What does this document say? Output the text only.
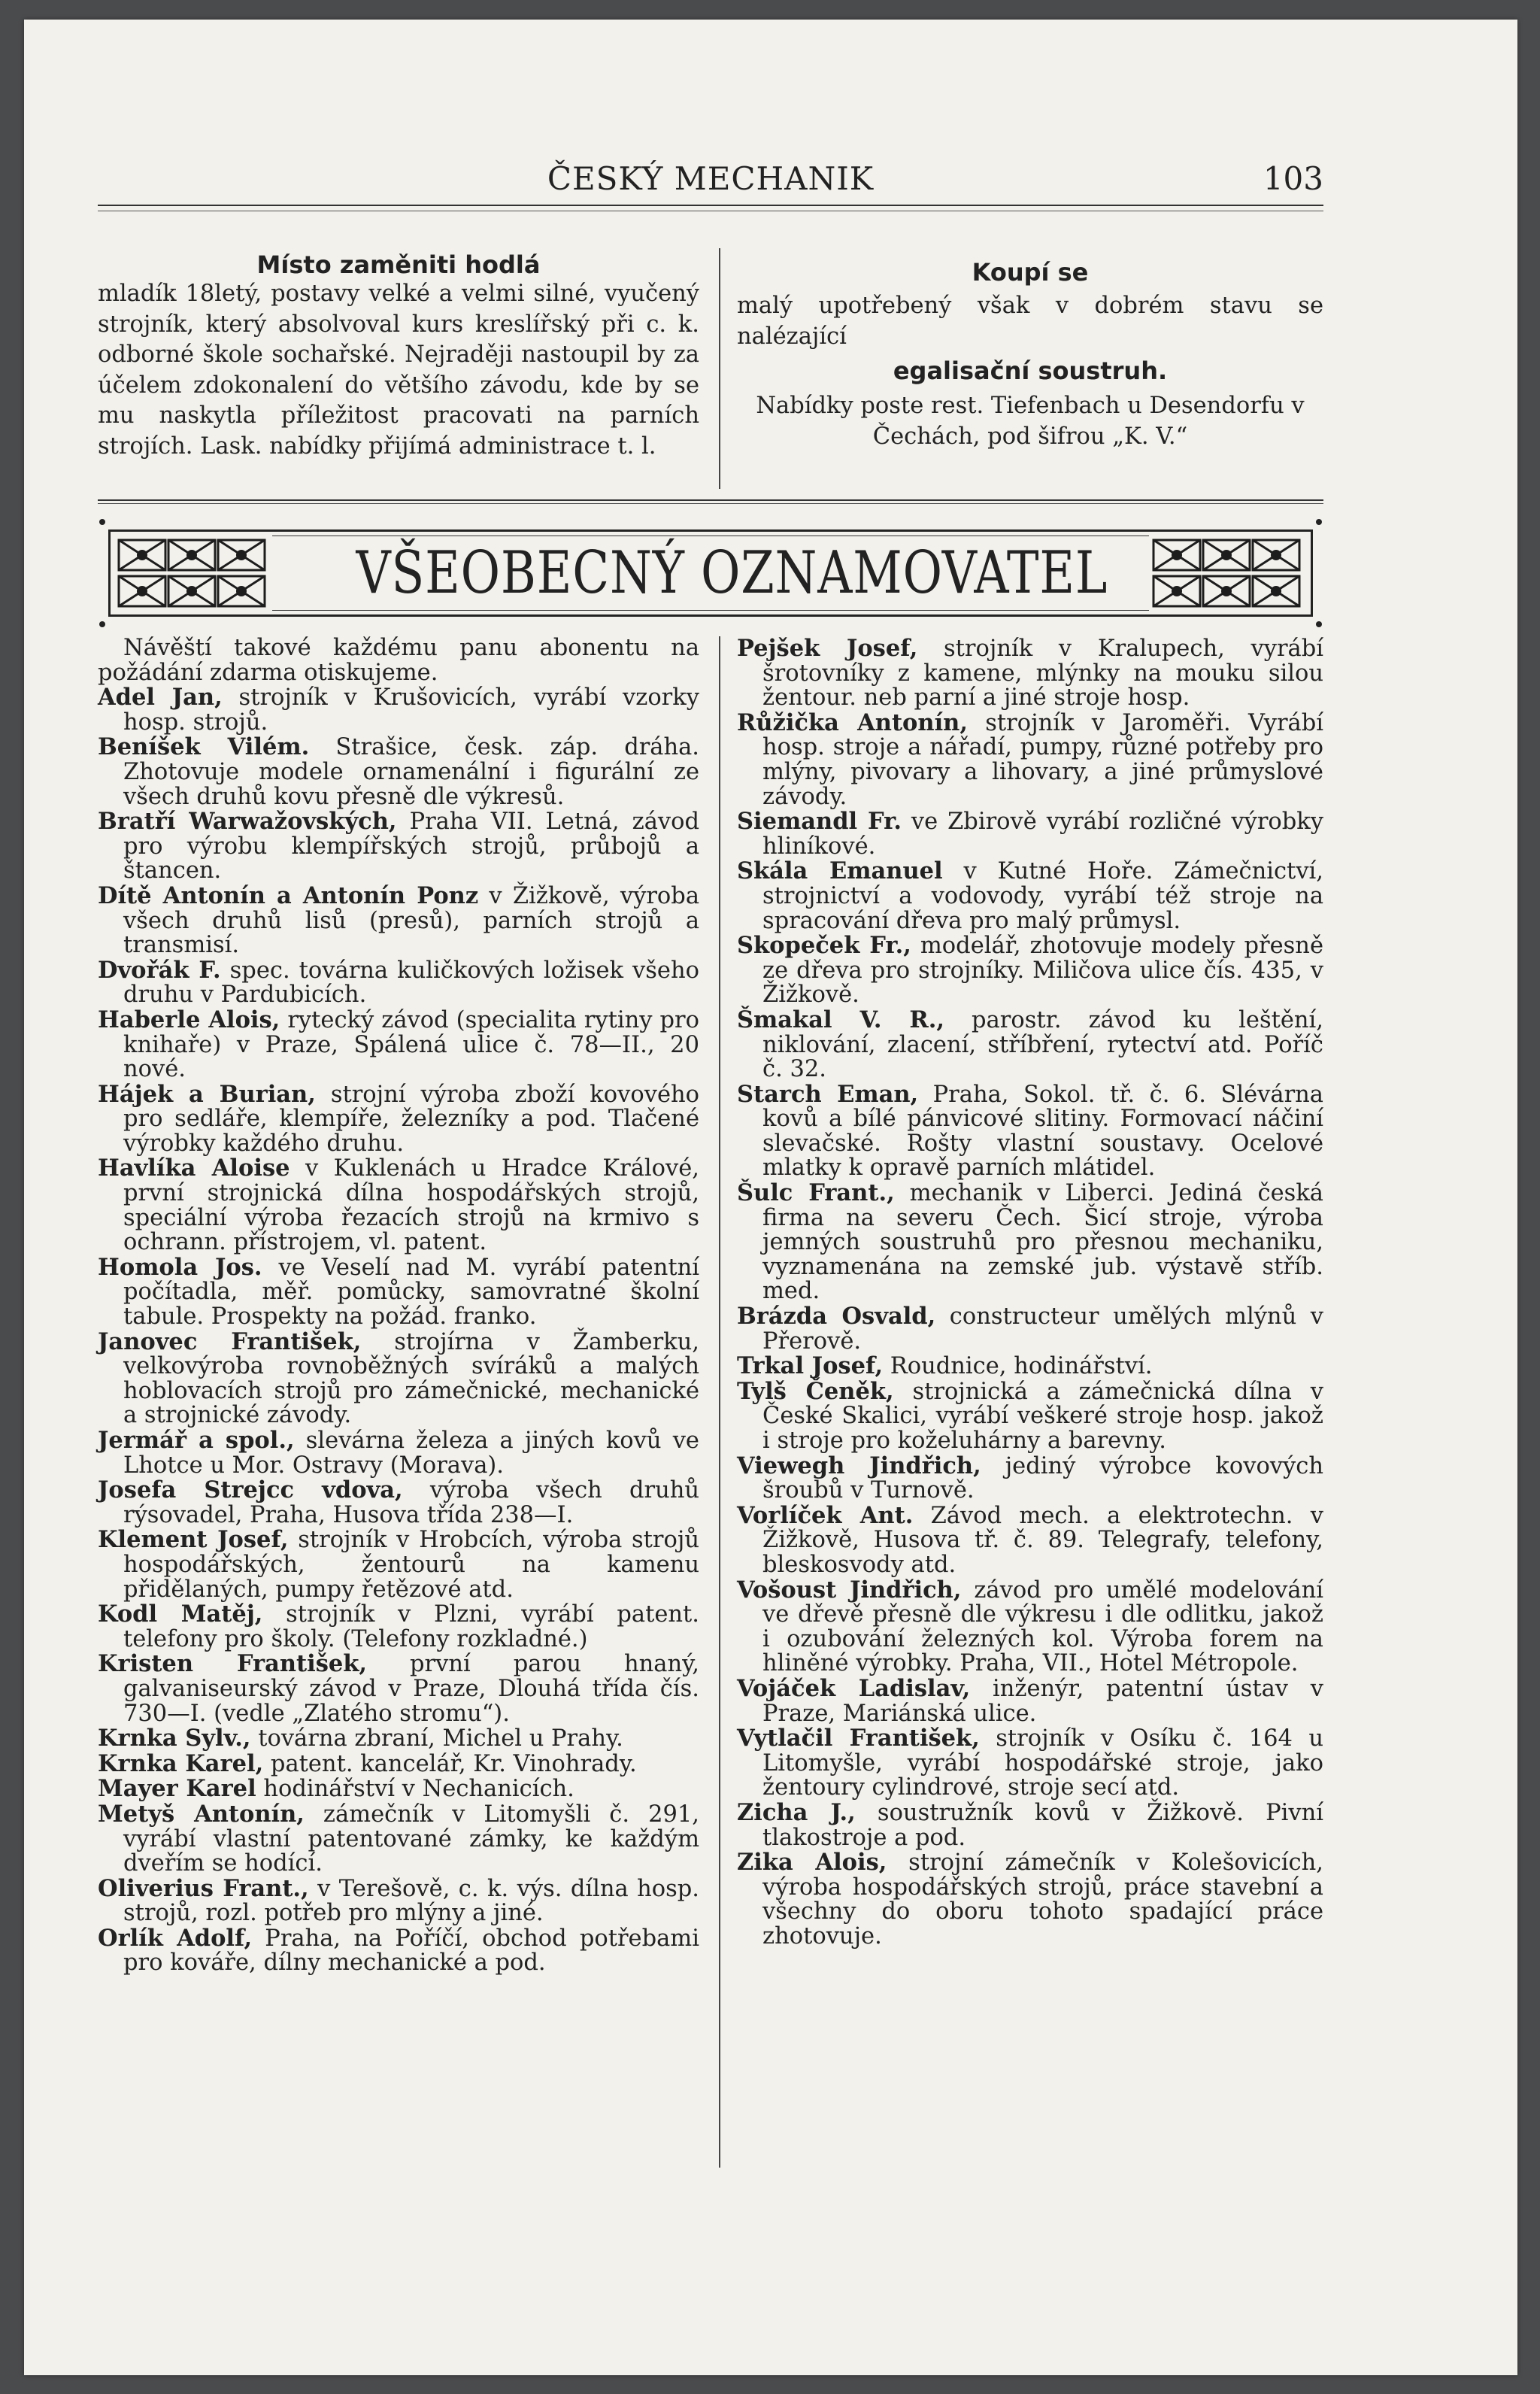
ČESKÝ MECHANIK	103

Místo zaměniti hodlá

mladík 18letý, postavy velké a velmi silné, vyučený strojník, který absolvoval kurs kreslířský při c. k. odborné škole sochařské. Nejraději nastoupil by za účelem zdokonalení do většího závodu, kde by se mu naskytla příležitost pracovati na parních strojích. Lask. nabídky přijímá administrace t. l.

Koupí se

malý upotřebený však v dobrém stavu se nalézající

egalisační soustruh.

Nabídky poste rest. Tiefenbach u Desendorfu v Čechách, pod šifrou „K. V.“

VŠEOBECNÝ OZNAMOVATEL

Návěští takové každému panu abonentu na požádání zdarma otiskujeme.

Adel Jan, strojník v Krušovicích, vyrábí vzorky hosp. strojů.

Beníšek Vilém. Strašice, česk. záp. dráha. Zhotovuje modele ornamenální i figurální ze všech druhů kovu přesně dle výkresů.

Bratří Warwažovských, Praha VII. Letná, závod pro výrobu klempířských strojů, průbojů a štancen.

Dítě Antonín a Antonín Ponz v Žižkově, výroba všech druhů lisů (presů), parních strojů a transmisí.

Dvořák F. spec. továrna kuličkových ložisek všeho druhu v Pardubicích.

Haberle Alois, rytecký závod (specialita rytiny pro knihaře) v Praze, Spálená ulice č. 78—II., 20 nové.

Hájek a Burian, strojní výroba zboží kovového pro sedláře, klempíře, železníky a pod. Tlačené výrobky každého druhu.

Havlíka Aloise v Kuklenách u Hradce Králové, první strojnická dílna hospodářských strojů, speciální výroba řezacích strojů na krmivo s ochrann. přístrojem, vl. patent.

Homola Jos. ve Veselí nad M. vyrábí patentní počítadla, měř. pomůcky, samovratné školní tabule. Prospekty na požád. franko.

Janovec František, strojírna v Žamberku, velkovýroba rovnoběžných svíráků a malých hoblovacích strojů pro zámečnické, mechanické a strojnické závody.

Jermář a spol., slevárna železa a jiných kovů ve Lhotce u Mor. Ostravy (Morava).

Josefa Strejcc vdova, výroba všech druhů rýsovadel, Praha, Husova třída 238—I.

Klement Josef, strojník v Hrobcích, výroba strojů hospodářských, žentourů na kamenu přidělaných, pumpy řetězové atd.

Kodl Matěj, strojník v Plzni, vyrábí patent. telefony pro školy. (Telefony rozkladné.)

Kristen František, první parou hnaný, galvaniseurský závod v Praze, Dlouhá třída čís. 730—I. (vedle „Zlatého stromu“).

Krnka Sylv., továrna zbraní, Michel u Prahy.

Krnka Karel, patent. kancelář, Kr. Vinohrady.

Mayer Karel hodinářství v Nechanicích.

Metyš Antonín, zámečník v Litomyšli č. 291, vyrábí vlastní patentované zámky, ke každým dveřím se hodící.

Oliverius Frant., v Terešově, c. k. výs. dílna hosp. strojů, rozl. potřeb pro mlýny a jiné.

Orlík Adolf, Praha, na Poříčí, obchod potřebami pro kováře, dílny mechanické a pod.

Pejšek Josef, strojník v Kralupech, vyrábí šrotovníky z kamene, mlýnky na mouku silou žentour. neb parní a jiné stroje hosp.

Růžička Antonín, strojník v Jaroměři. Vyrábí hosp. stroje a nářadí, pumpy, různé potřeby pro mlýny, pivovary a lihovary, a jiné průmyslové závody.

Siemandl Fr. ve Zbirově vyrábí rozličné výrobky hliníkové.

Skála Emanuel v Kutné Hoře. Zámečnictví, strojnictví a vodovody, vyrábí též stroje na spracování dřeva pro malý průmysl.

Skopeček Fr., modelář, zhotovuje modely přesně ze dřeva pro strojníky. Miličova ulice čís. 435, v Žižkově.

Šmakal V. R., parostr. závod ku leštění, niklování, zlacení, stříbření, rytectví atd. Poříč č. 32.

Starch Eman, Praha, Sokol. tř. č. 6. Slévárna kovů a bílé pánvicové slitiny. Formovací náčiní slevačské. Rošty vlastní soustavy. Ocelové mlatky k opravě parních mlátidel.

Šulc Frant., mechanik v Liberci. Jediná česká firma na severu Čech. Šicí stroje, výroba jemných soustruhů pro přesnou mechaniku, vyznamenána na zemské jub. výstavě stříb. med.

Brázda Osvald, constructeur umělých mlýnů v Přerově.

Trkal Josef, Roudnice, hodinářství.

Tylš Čeněk, strojnická a zámečnická dílna v České Skalici, vyrábí veškeré stroje hosp. jakož i stroje pro koželuhárny a barevny.

Viewegh Jindřich, jediný výrobce kovových šroubů v Turnově.

Vorlíček Ant. Závod mech. a elektrotechn. v Žižkově, Husova tř. č. 89. Telegrafy, telefony, bleskosvody atd.

Vošoust Jindřich, závod pro umělé modelování ve dřevě přesně dle výkresu i dle odlitku, jakož i ozubování železných kol. Výroba forem na hliněné výrobky. Praha, VII., Hotel Métropole.

Vojáček Ladislav, inženýr, patentní ústav v Praze, Mariánská ulice.

Vytlačil František, strojník v Osíku č. 164 u Litomyšle, vyrábí hospodářské stroje, jako žentoury cylindrové, stroje secí atd.

Zicha J., soustružník kovů v Žižkově. Pivní tlakostroje a pod.

Zika Alois, strojní zámečník v Kolešovicích, výroba hospodářských strojů, práce stavební a všechny do oboru tohoto spadající práce zhotovuje.
